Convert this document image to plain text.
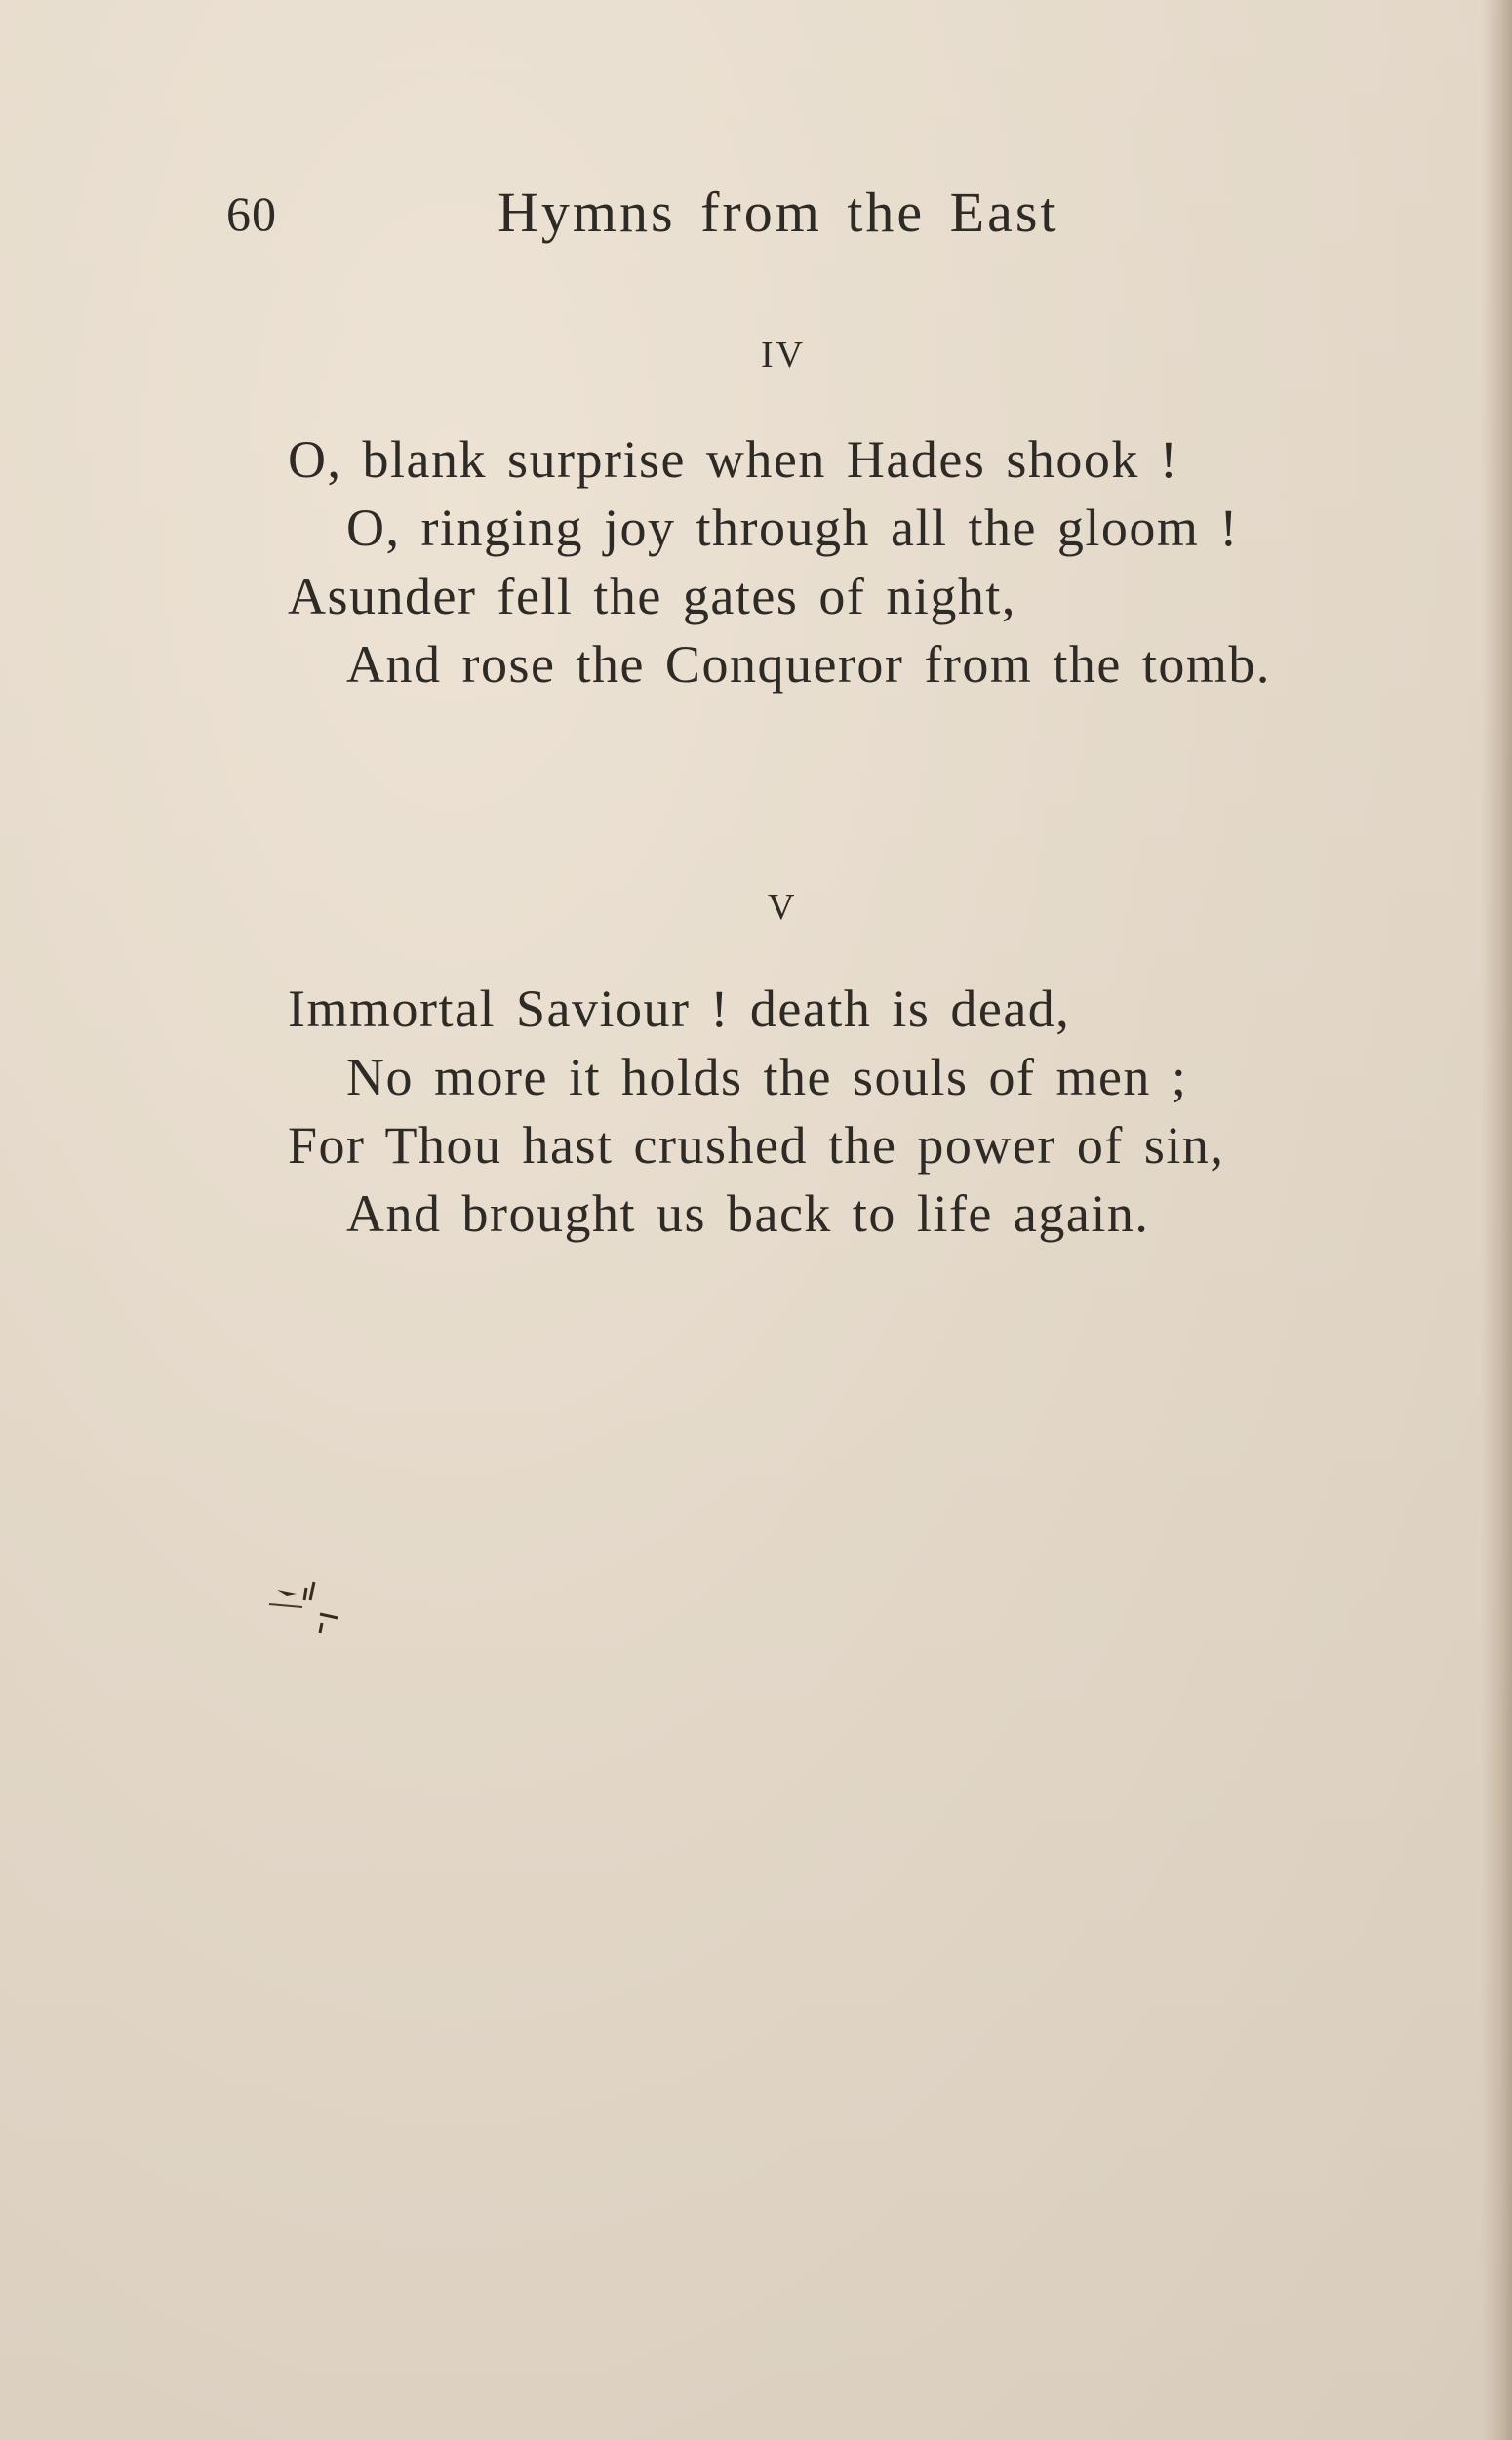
60	Hymns from the East
IV
O, blank surprise when Hades shook !
O, ringing joy through all the gloom !
Asunder fell the gates of night,
And rose the Conqueror from the tomb.
V
Immortal Saviour ! death is dead,
No more it holds the souls of men ;
For Thou hast crushed the power of sin,
And brought us back to life again.
